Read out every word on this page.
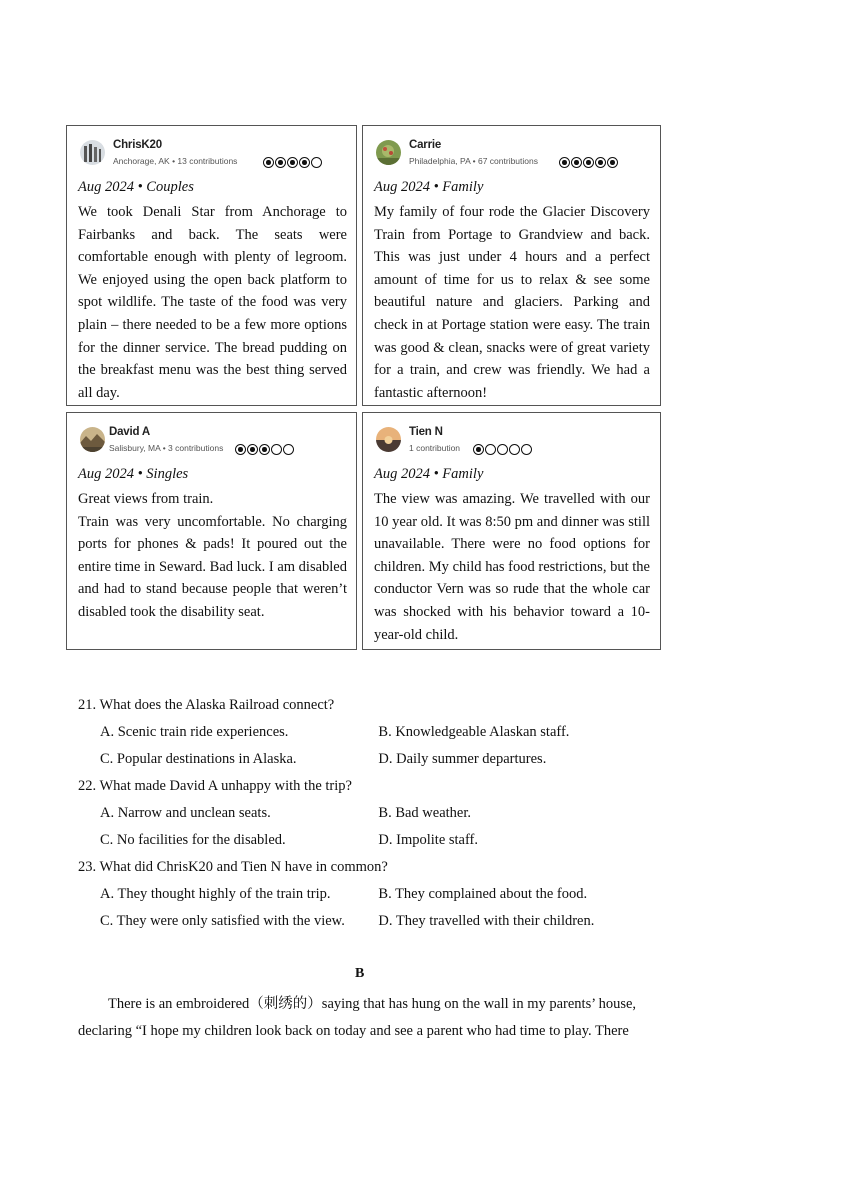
ChrisK20
Anchorage, AK • 13 contributions
Aug 2024 • Couples

We took Denali Star from Anchorage to Fairbanks and back. The seats were comfortable enough with plenty of legroom. We enjoyed using the open back platform to spot wildlife. The taste of the food was very plain – there needed to be a few more options for the dinner service. The bread pudding on the breakfast menu was the best thing served all day.

Carrie
Philadelphia, PA • 67 contributions
Aug 2024 • Family

My family of four rode the Glacier Discovery Train from Portage to Grandview and back. This was just under 4 hours and a perfect amount of time for us to relax & see some beautiful nature and glaciers. Parking and check in at Portage station were easy. The train was good & clean, snacks were of great variety for a train, and crew was friendly. We had a fantastic afternoon!

David A
Salisbury, MA • 3 contributions
Aug 2024 • Singles

Great views from train.

Train was very uncomfortable. No charging ports for phones & pads! It poured out the entire time in Seward. Bad luck. I am disabled and had to stand because people that weren’t disabled took the disability seat.

Tien N
1 contribution
Aug 2024 • Family

The view was amazing. We travelled with our 10 year old. It was 8:50 pm and dinner was still unavailable. There were no food options for children. My child has food restrictions, but the conductor Vern was so rude that the whole car was shocked with his behavior toward a 10-year-old child.

21. What does the Alaska Railroad connect?
A. Scenic train ride experiences.	B. Knowledgeable Alaskan staff.
C. Popular destinations in Alaska.	D. Daily summer departures.
22. What made David A unhappy with the trip?
A. Narrow and unclean seats.	B. Bad weather.
C. No facilities for the disabled.	D. Impolite staff.
23. What did ChrisK20 and Tien N have in common?
A. They thought highly of the train trip.	B. They complained about the food.
C. They were only satisfied with the view.	D. They travelled with their children.
B
There is an embroidered（刺绣的）saying that has hung on the wall in my parents’ house,
declaring “I hope my children look back on today and see a parent who had time to play. There
